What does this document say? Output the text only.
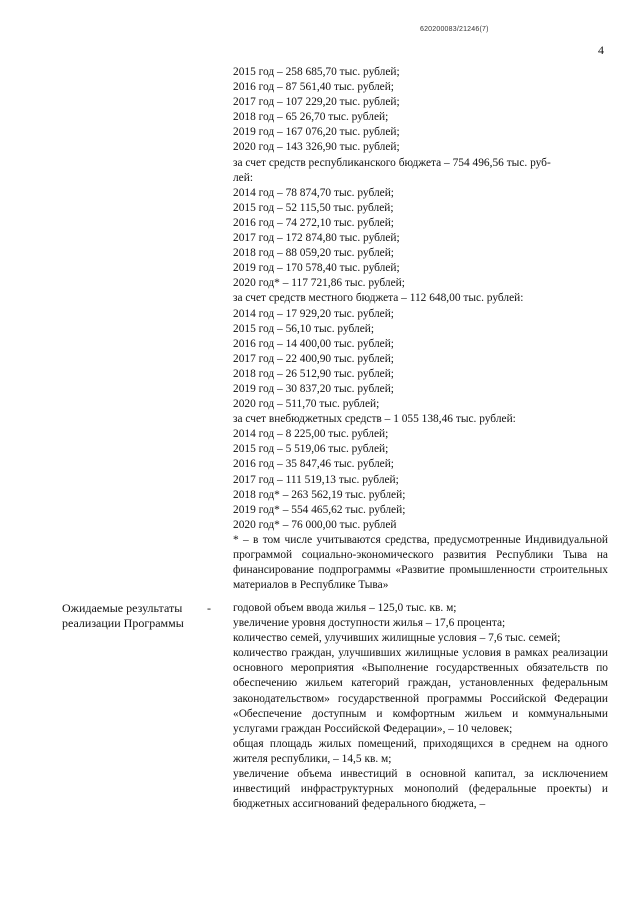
620200083/21246(7)
4
2015 год – 258 685,70 тыс. рублей;
2016 год – 87 561,40 тыс. рублей;
2017 год – 107 229,20 тыс. рублей;
2018 год – 65 26,70 тыс. рублей;
2019 год – 167 076,20 тыс. рублей;
2020 год – 143 326,90 тыс. рублей;
за счет средств республиканского бюджета – 754 496,56 тыс. руб-
лей:
2014 год – 78 874,70 тыс. рублей;
2015 год – 52 115,50 тыс. рублей;
2016 год – 74 272,10 тыс. рублей;
2017 год – 172 874,80 тыс. рублей;
2018 год – 88 059,20 тыс. рублей;
2019 год – 170 578,40 тыс. рублей;
2020 год* – 117 721,86 тыс. рублей;
за счет средств местного бюджета – 112 648,00 тыс. рублей:
2014 год – 17 929,20 тыс. рублей;
2015 год – 56,10 тыс. рублей;
2016 год – 14 400,00 тыс. рублей;
2017 год – 22 400,90 тыс. рублей;
2018 год – 26 512,90 тыс. рублей;
2019 год – 30 837,20 тыс. рублей;
2020 год – 511,70 тыс. рублей;
за счет внебюджетных средств – 1 055 138,46 тыс. рублей:
2014 год – 8 225,00 тыс. рублей;
2015 год – 5 519,06 тыс. рублей;
2016 год – 35 847,46 тыс. рублей;
2017 год – 111 519,13 тыс. рублей;
2018 год* – 263 562,19 тыс. рублей;
2019 год* – 554 465,62 тыс. рублей;
2020 год* – 76 000,00 тыс. рублей
* – в том числе учитываются средства, предусмотренные Индивидуальной программой социально-экономического развития Республики Тыва на финансирование подпрограммы «Развитие промышленности строительных материалов в Республике Тыва»
Ожидаемые результаты реализации Программы
- годовой объем ввода жилья – 125,0 тыс. кв. м;

увеличение уровня доступности жилья – 17,6 процента;

количество семей, улучивших жилищные условия – 7,6 тыс. семей;

количество граждан, улучшивших жилищные условия в рамках реализации основного мероприятия «Выполнение государственных обязательств по обеспечению жильем категорий граждан, установленных федеральным законодательством» государственной программы Российской Федерации «Обеспечение доступным и комфортным жильем и коммунальными услугами граждан Российской Федерации», – 10 человек;

общая площадь жилых помещений, приходящихся в среднем на одного жителя республики, – 14,5 кв. м;

увеличение объема инвестиций в основной капитал, за исключением инвестиций инфраструктурных монополий (федеральные проекты) и бюджетных ассигнований федерального бюджета, –
